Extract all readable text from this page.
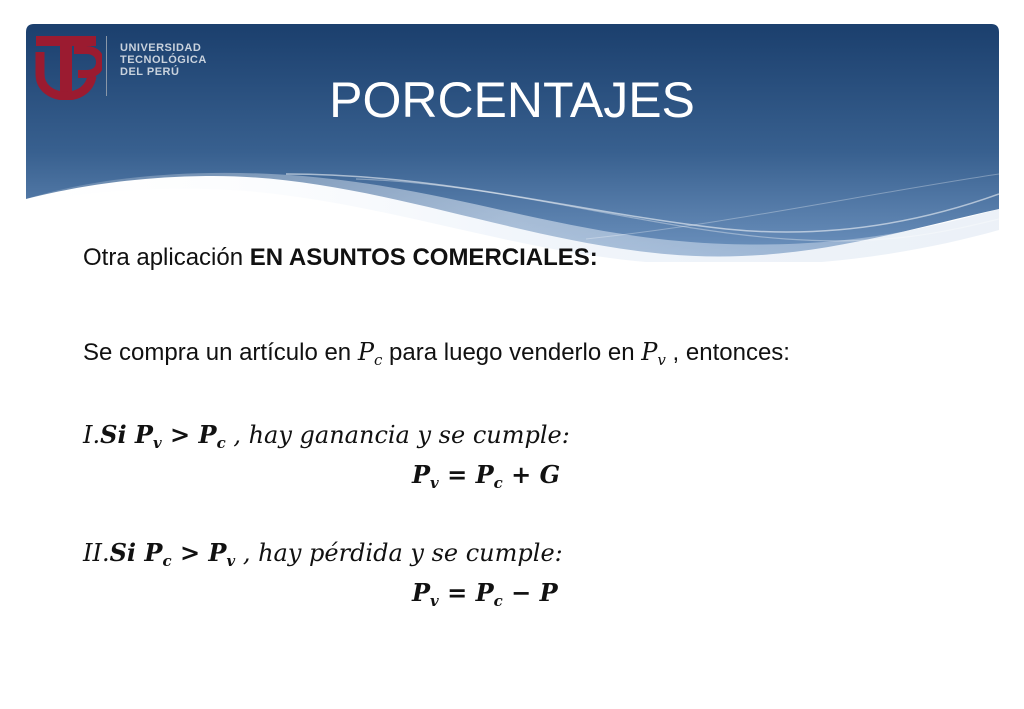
UNIVERSIDAD
TECNOLÓGICA
DEL PERÚ	PORCENTAJES
Otra aplicación EN ASUNTOS COMERCIALES:
Se compra un artículo en $P_c$ para luego venderlo en $P_v$ , entonces:
I.Si $P_v > P_c$ , hay ganancia y se cumple:
$P_v = P_c + G$
II.Si $P_c > P_v$ , hay pérdida y se cumple:
$P_v = P_c - P$
